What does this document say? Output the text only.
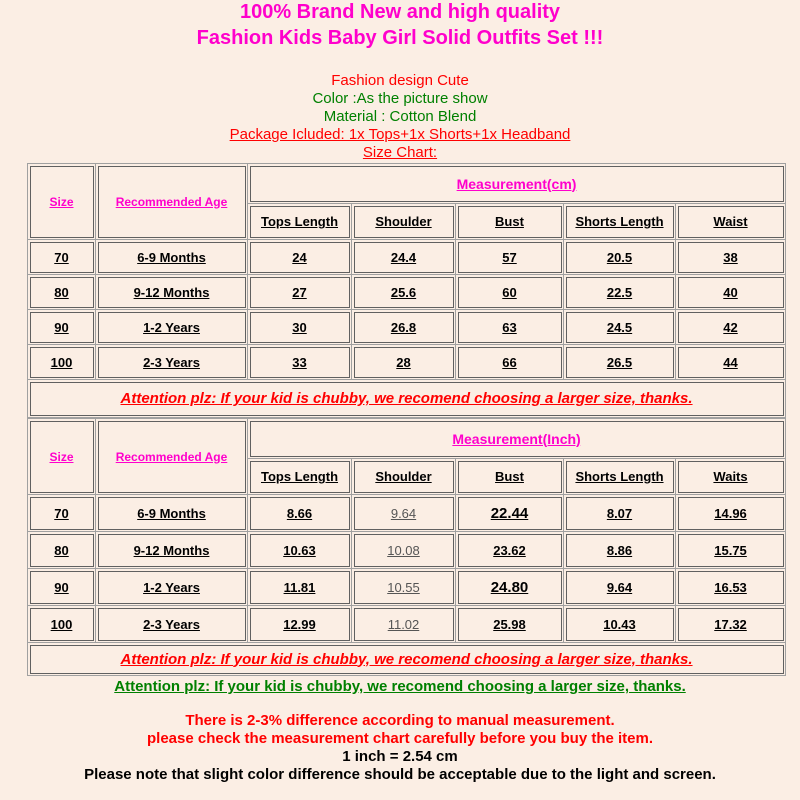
100% Brand New and high quality
Fashion Kids Baby Girl Solid Outfits Set !!!
Fashion design Cute
Color :As the picture show
Material : Cotton Blend
Package Icluded: 1x Tops+1x Shorts+1x Headband
Size Chart:
Size	Recommended Age	Measurement(cm)				
		Tops Length	Shoulder	Bust	Shorts Length	Waist
70	6-9 Months	24	24.4	57	20.5	38
80	9-12 Months	27	25.6	60	22.5	40
90	1-2 Years	30	26.8	63	24.5	42
100	2-3 Years	33	28	66	26.5	44
Attention plz: If your kid is chubby, we recomend choosing a larger size, thanks.						
Size	Recommended Age	Measurement(Inch)				
		Tops Length	Shoulder	Bust	Shorts Length	Waits
70	6-9 Months	8.66	9.64	22.44	8.07	14.96
80	9-12 Months	10.63	10.08	23.62	8.86	15.75
90	1-2 Years	11.81	10.55	24.80	9.64	16.53
100	2-3 Years	12.99	11.02	25.98	10.43	17.32
Attention plz: If your kid is chubby, we recomend choosing a larger size, thanks.						
Attention plz: If your kid is chubby, we recomend choosing a larger size, thanks.
There is 2-3% difference according to manual measurement.
please check the measurement chart carefully before you buy the item.
1 inch = 2.54 cm
Please note that slight color difference should be acceptable due to the light and screen.
